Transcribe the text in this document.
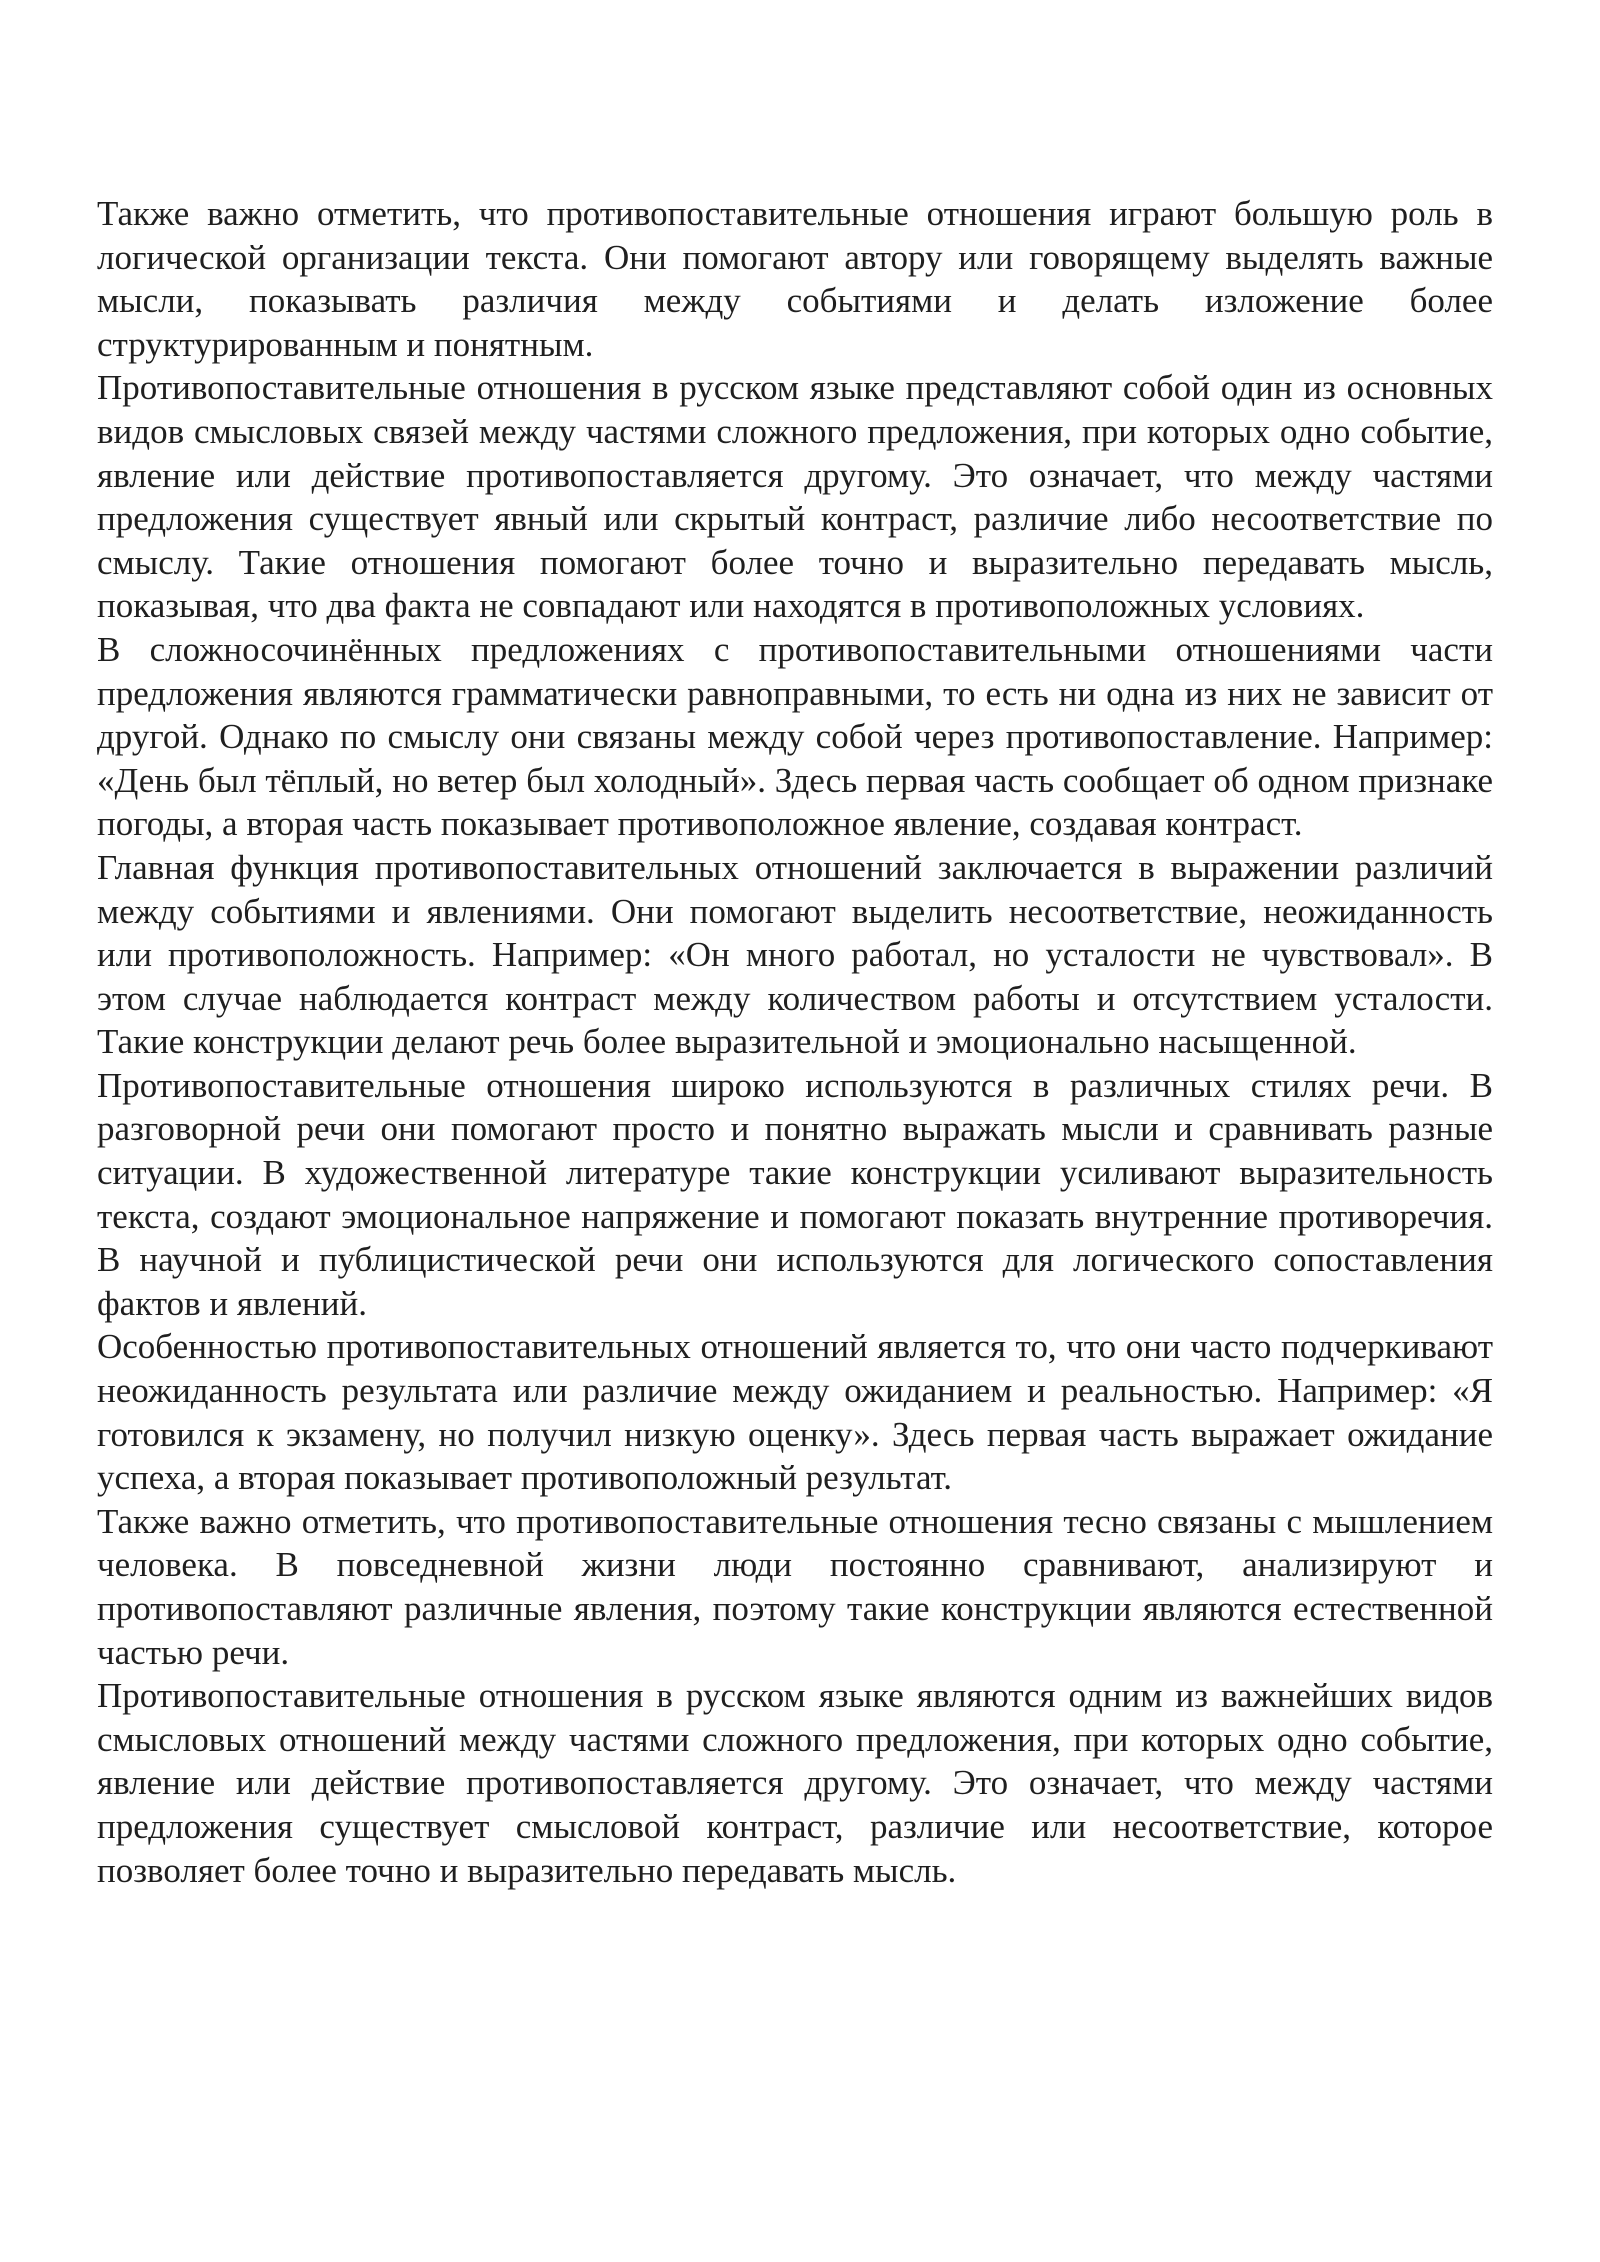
Также важно отметить, что противопоставительные отношения играют большую роль в логической организации текста. Они помогают автору или говорящему выделять важные мысли, показывать различия между событиями и делать изложение более структурированным и понятным.

Противопоставительные отношения в русском языке представляют собой один из основных видов смысловых связей между частями сложного предложения, при которых одно событие, явление или действие противопоставляется другому. Это означает, что между частями предложения существует явный или скрытый контраст, различие либо несоответствие по смыслу. Такие отношения помогают более точно и выразительно передавать мысль, показывая, что два факта не совпадают или находятся в противоположных условиях.

В сложносочинённых предложениях с противопоставительными отношениями части предложения являются грамматически равноправными, то есть ни одна из них не зависит от другой. Однако по смыслу они связаны между собой через противопоставление. Например: «День был тёплый, но ветер был холодный». Здесь первая часть сообщает об одном признаке погоды, а вторая часть показывает противоположное явление, создавая контраст.

Главная функция противопоставительных отношений заключается в выражении различий между событиями и явлениями. Они помогают выделить несоответствие, неожиданность или противоположность. Например: «Он много работал, но усталости не чувствовал». В этом случае наблюдается контраст между количеством работы и отсутствием усталости. Такие конструкции делают речь более выразительной и эмоционально насыщенной.

Противопоставительные отношения широко используются в различных стилях речи. В разговорной речи они помогают просто и понятно выражать мысли и сравнивать разные ситуации. В художественной литературе такие конструкции усиливают выразительность текста, создают эмоциональное напряжение и помогают показать внутренние противоречия. В научной и публицистической речи они используются для логического сопоставления фактов и явлений.

Особенностью противопоставительных отношений является то, что они часто подчеркивают неожиданность результата или различие между ожиданием и реальностью. Например: «Я готовился к экзамену, но получил низкую оценку». Здесь первая часть выражает ожидание успеха, а вторая показывает противоположный результат.

Также важно отметить, что противопоставительные отношения тесно связаны с мышлением человека. В повседневной жизни люди постоянно сравнивают, анализируют и противопоставляют различные явления, поэтому такие конструкции являются естественной частью речи.

Противопоставительные отношения в русском языке являются одним из важнейших видов смысловых отношений между частями сложного предложения, при которых одно событие, явление или действие противопоставляется другому. Это означает, что между частями предложения существует смысловой контраст, различие или несоответствие, которое позволяет более точно и выразительно передавать мысль.
